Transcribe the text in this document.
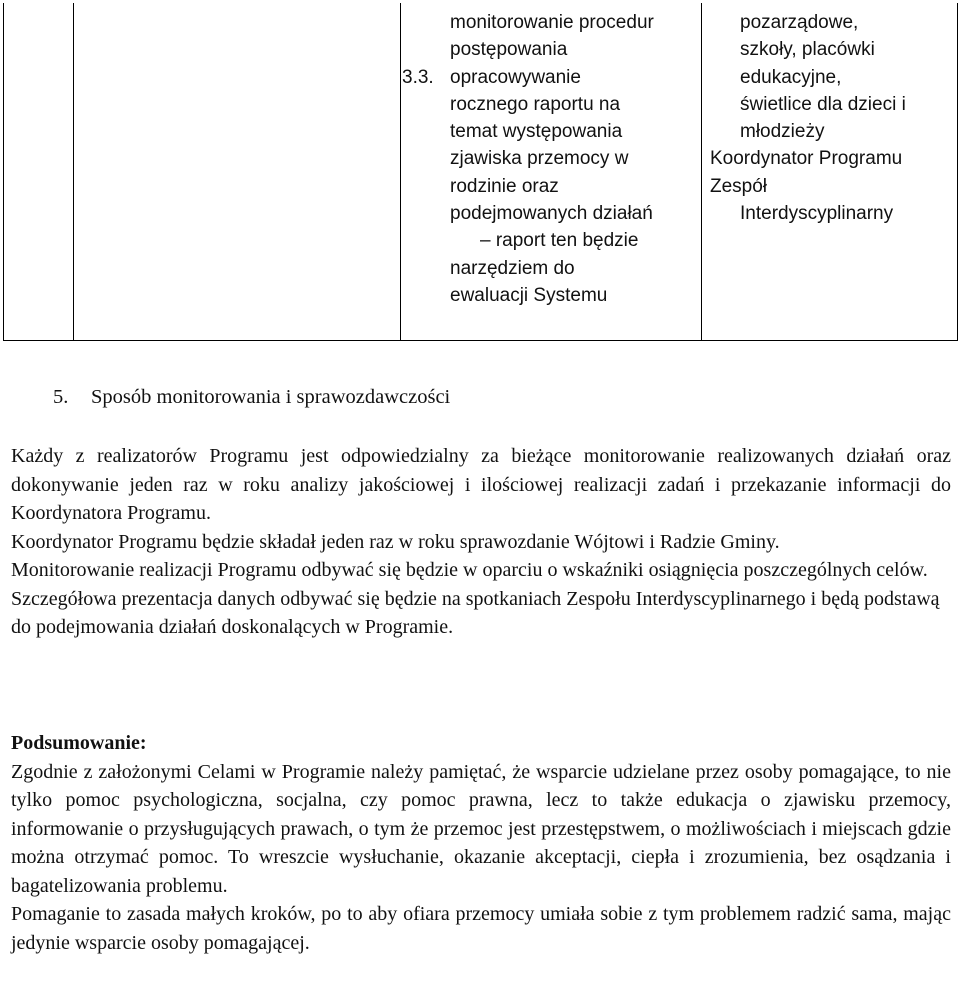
monitorowanie procedur
postępowania
3.3. opracowywanie
rocznego raportu na
temat występowania
zjawiska przemocy w
rodzinie oraz
podejmowanych działań
– raport ten będzie
narzędziem do
ewaluacji Systemu
pozarządowe,
szkoły, placówki
edukacyjne,
świetlice dla dzieci i
młodzieży
Koordynator Programu
Zespół
Interdyscyplinarny
5. Sposób monitorowania i sprawozdawczości

Każdy z realizatorów Programu jest odpowiedzialny za bieżące monitorowanie realizowanych działań oraz dokonywanie jeden raz w roku analizy jakościowej i ilościowej realizacji zadań i przekazanie informacji do Koordynatora Programu.

Koordynator Programu będzie składał jeden raz w roku sprawozdanie Wójtowi i Radzie Gminy.

Monitorowanie realizacji Programu odbywać się będzie w oparciu o wskaźniki osiągnięcia poszczególnych celów.

Szczegółowa prezentacja danych odbywać się będzie na spotkaniach Zespołu Interdyscyplinarnego i będą podstawą do podejmowania działań doskonalących w Programie.

Podsumowanie:

Zgodnie z założonymi Celami w Programie należy pamiętać, że wsparcie udzielane przez osoby pomagające, to nie tylko pomoc psychologiczna, socjalna, czy pomoc prawna, lecz to także edukacja o zjawisku przemocy, informowanie o przysługujących prawach, o tym że przemoc jest przestępstwem, o możliwościach i miejscach gdzie można otrzymać pomoc. To wreszcie wysłuchanie, okazanie akceptacji, ciepła i zrozumienia, bez osądzania i bagatelizowania problemu.

Pomaganie to zasada małych kroków, po to aby ofiara przemocy umiała sobie z tym problemem radzić sama, mając jedynie wsparcie osoby pomagającej.
